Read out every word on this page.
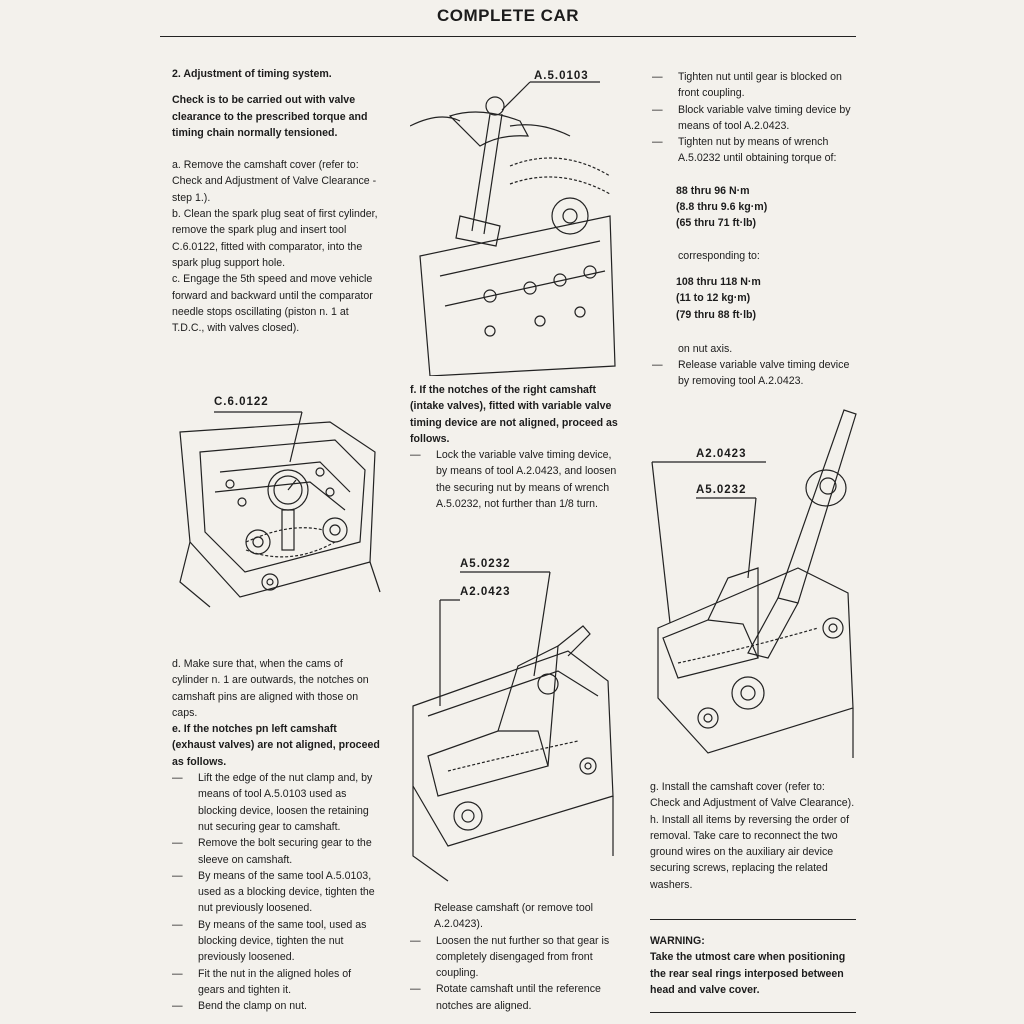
COMPLETE CAR

2. Adjustment of timing system.

Check is to be carried out with valve clearance to the prescribed torque and timing chain normally tensioned.

a. Remove the camshaft cover (refer to: Check and Adjustment of Valve Clearance - step 1.).

b. Clean the spark plug seat of first cylinder, remove the spark plug and insert tool C.6.0122, fitted with comparator, into the spark plug support hole.

c. Engage the 5th speed and move vehicle forward and backward until the comparator needle stops oscillating (piston n. 1 at T.D.C., with valves closed).

d. Make sure that, when the cams of cylinder n. 1 are outwards, the notches on camshaft pins are aligned with those on caps.

e. If the notches pn left camshaft (exhaust valves) are not aligned, proceed as follows.

— Lift the edge of the nut clamp and, by means of tool A.5.0103 used as blocking device, loosen the retaining nut securing gear to camshaft.

— Remove the bolt securing gear to the sleeve on camshaft.

— By means of the same tool A.5.0103, used as a blocking device, tighten the nut previously loosened.

— By means of the same tool, used as blocking device, tighten the nut previously loosened.

— Fit the nut in the aligned holes of gears and tighten it.

— Bend the clamp on nut.

C.6.0122
A.5.0103

f. If the notches of the right camshaft (intake valves), fitted with variable valve timing device are not aligned, proceed as follows.

— Lock the variable valve timing device, by means of tool A.2.0423, and loosen the securing nut by means of wrench A.5.0232, not further than 1/8 turn.

A5.0232
A2.0423

Release camshaft (or remove tool A.2.0423).

— Loosen the nut further so that gear is completely disengaged from front coupling.

— Rotate camshaft until the reference notches are aligned.

— Tighten nut until gear is blocked on front coupling.

— Block variable valve timing device by means of tool A.2.0423.

— Tighten nut by means of wrench A.5.0232 until obtaining torque of:

88 thru 96 N·m

(8.8 thru 9.6 kg·m)

(65 thru 71 ft·lb)

corresponding to:

108 thru 118 N·m

(11 to 12 kg·m)

(79 thru 88 ft·lb)

on nut axis.

— Release variable valve timing device by removing tool A.2.0423.

A2.0423
A5.0232

g. Install the camshaft cover (refer to: Check and Adjustment of Valve Clearance).

h. Install all items by reversing the order of removal. Take care to reconnect the two ground wires on the auxiliary air device securing screws, replacing the related washers.

WARNING:

Take the utmost care when positioning the rear seal rings interposed between head and valve cover.
